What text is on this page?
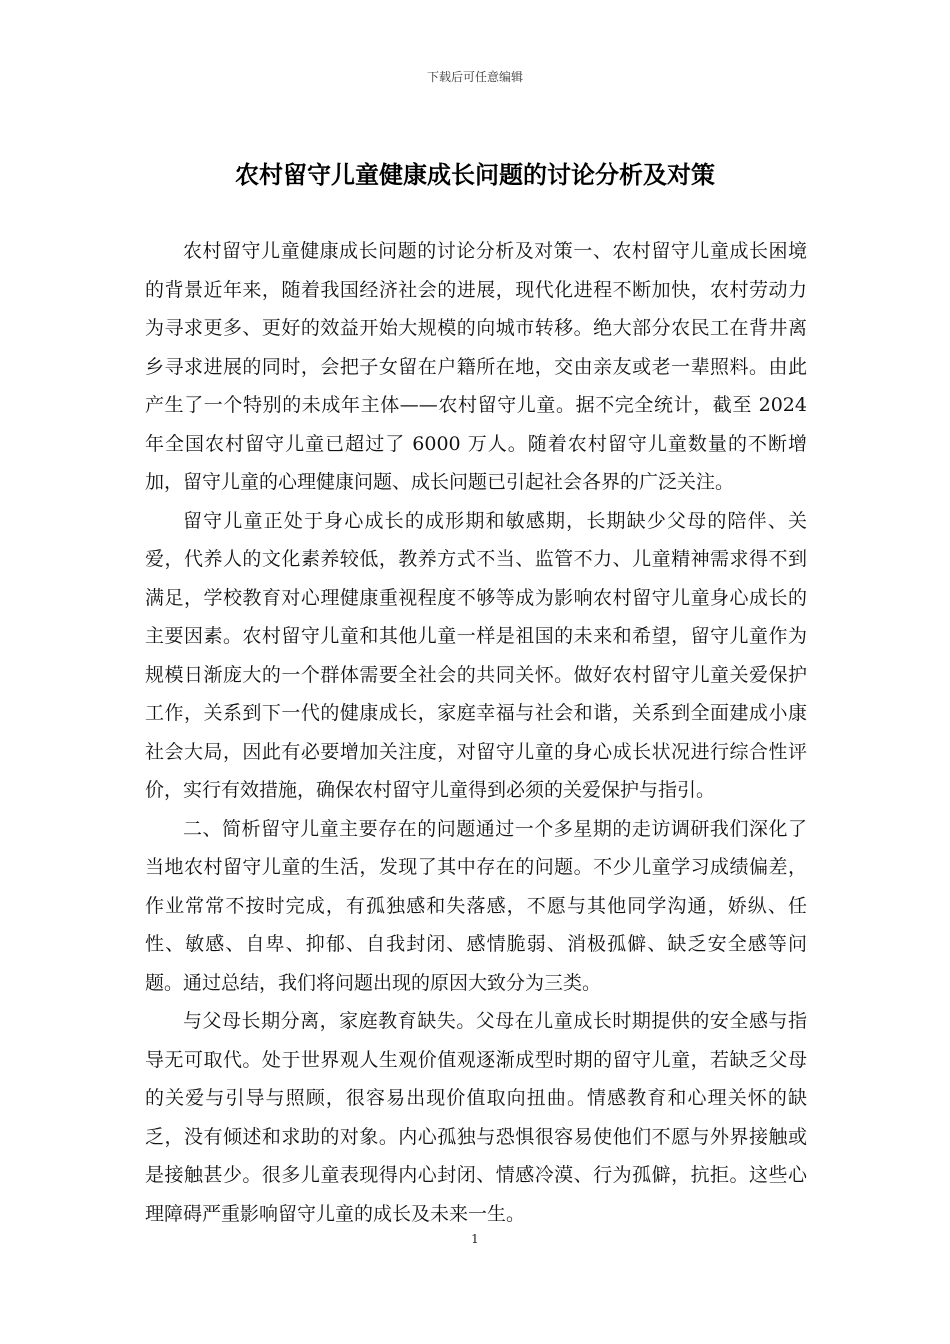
下载后可任意编辑
农村留守儿童健康成长问题的讨论分析及对策

农村留守儿童健康成长问题的讨论分析及对策一、农村留守儿童成长困境的背景近年来，随着我国经济社会的进展，现代化进程不断加快，农村劳动力为寻求更多、更好的效益开始大规模的向城市转移。绝大部分农民工在背井离乡寻求进展的同时，会把子女留在户籍所在地，交由亲友或老一辈照料。由此产生了一个特别的未成年主体——农村留守儿童。据不完全统计，截至 2024 年全国农村留守儿童已超过了 6000 万人。随着农村留守儿童数量的不断增加，留守儿童的心理健康问题、成长问题已引起社会各界的广泛关注。

留守儿童正处于身心成长的成形期和敏感期，长期缺少父母的陪伴、关爱，代养人的文化素养较低，教养方式不当、监管不力、儿童精神需求得不到满足，学校教育对心理健康重视程度不够等成为影响农村留守儿童身心成长的主要因素。农村留守儿童和其他儿童一样是祖国的未来和希望，留守儿童作为规模日渐庞大的一个群体需要全社会的共同关怀。做好农村留守儿童关爱保护工作，关系到下一代的健康成长，家庭幸福与社会和谐，关系到全面建成小康社会大局，因此有必要增加关注度，对留守儿童的身心成长状况进行综合性评价，实行有效措施，确保农村留守儿童得到必须的关爱保护与指引。

二、简析留守儿童主要存在的问题通过一个多星期的走访调研我们深化了当地农村留守儿童的生活，发现了其中存在的问题。不少儿童学习成绩偏差，作业常常不按时完成，有孤独感和失落感，不愿与其他同学沟通，娇纵、任性、敏感、自卑、抑郁、自我封闭、感情脆弱、消极孤僻、缺乏安全感等问题。通过总结，我们将问题出现的原因大致分为三类。

与父母长期分离，家庭教育缺失。父母在儿童成长时期提供的安全感与指导无可取代。处于世界观人生观价值观逐渐成型时期的留守儿童，若缺乏父母的关爱与引导与照顾，很容易出现价值取向扭曲。情感教育和心理关怀的缺乏，没有倾述和求助的对象。内心孤独与恐惧很容易使他们不愿与外界接触或是接触甚少。很多儿童表现得内心封闭、情感冷漠、行为孤僻，抗拒。这些心理障碍严重影响留守儿童的成长及未来一生。

1
